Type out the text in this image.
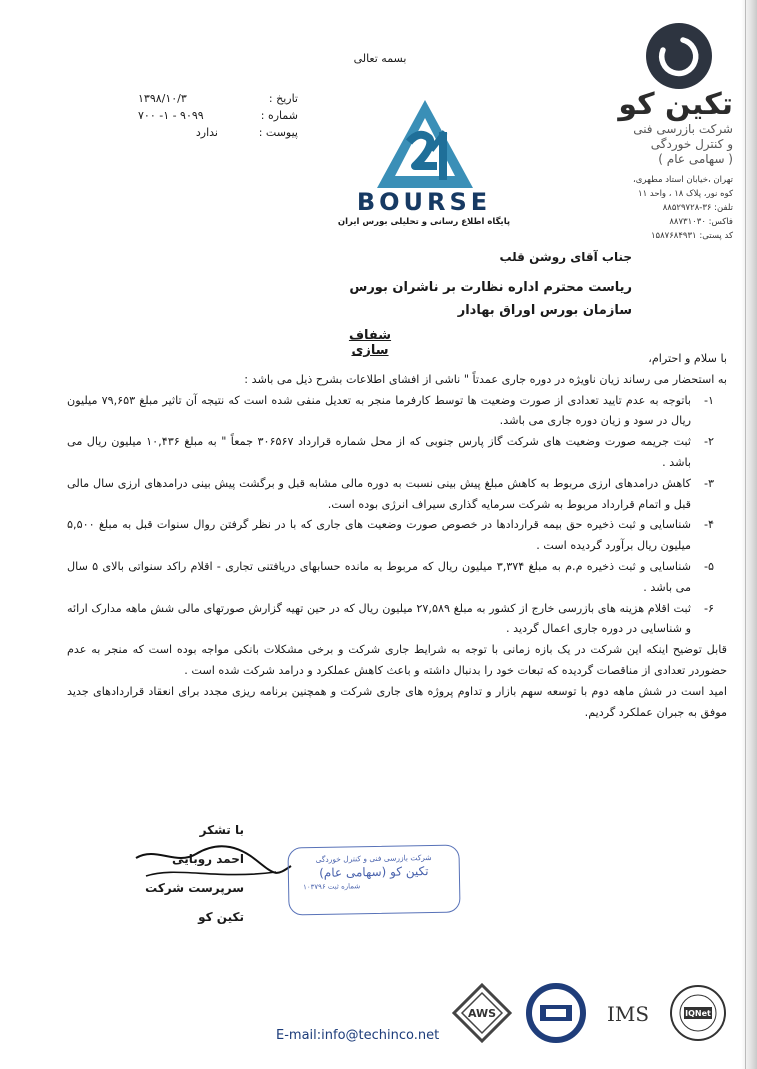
بسمه تعالی
تاریخ :
۱۳۹۸/۱۰/۳
شماره :
۷۰۰ -۱ - ۹۰۹۹
پیوست :
ندارد
تکین کو
شرکت بازرسی فنی
و کنترل خوردگی
( سهامی عام )
تهران ،خیابان استاد مطهری،
کوه نور، پلاک ۱۸ ، واحد ۱۱
تلفن: ۳۶-۸۸۵۲۹۷۲۸
فاکس: ۸۸۷۳۱۰۳۰
کد پستی: ۱۵۸۷۶۸۴۹۳۱
BOURSE
پایگاه اطلاع رسانی و تحلیلی بورس ایران
جناب آقای روشن قلب
ریاست محترم اداره نظارت بر ناشران بورس
سازمان بورس اوراق بهادار
شفاف سازی

با سلام و احترام،

به استحضار می رساند زیان ناویژه در دوره جاری عمدتاً " ناشی از افشای اطلاعات بشرح ذیل می باشد :

۱-
باتوجه به عدم تایید تعدادی از صورت وضعیت ها توسط کارفرما منجر به تعدیل منفی شده است که نتیجه آن تاثیر مبلغ ۷۹,۶۵۳ میلیون ریال در سود و زیان دوره جاری می باشد.
۲-
ثبت جریمه صورت وضعیت های شرکت گاز پارس جنوبی که از محل شماره قرارداد ۳۰۶۵۶۷ جمعاً " به مبلغ ۱۰,۴۳۶ میلیون ریال می باشد .
۳-
کاهش درامدهای ارزی مربوط به کاهش مبلغ پیش بینی نسبت به دوره مالی مشابه قبل و برگشت پیش بینی درامدهای ارزی سال مالی قبل و اتمام قرارداد مربوط به شرکت سرمایه گذاری سیراف انرژی بوده است.
۴-
شناسایی و ثبت ذخیره حق بیمه قراردادها در خصوص صورت وضعیت های جاری که با در نظر گرفتن روال سنوات قبل به مبلغ ۵,۵۰۰ میلیون ریال برآورد گردیده است .
۵-
شناسایی و ثبت ذخیره م.م به مبلغ ۳,۳۷۴ میلیون ریال که مربوط به مانده حسابهای دریافتنی تجاری - اقلام راکد سنواتی بالای ۵ سال می باشد .
۶-
ثبت اقلام هزینه های بازرسی خارج از کشور به مبلغ ۲۷,۵۸۹ میلیون ریال که در حین تهیه گزارش صورتهای مالی شش ماهه مدارک ارائه و شناسایی در دوره جاری اعمال گردید .

قابل توضیح اینکه این شرکت در یک بازه زمانی با توجه به شرایط جاری شرکت و برخی مشکلات بانکی مواجه بوده است که منجر به عدم حضوردر تعدادی از مناقصات گردیده که تبعات خود را بدنبال داشته و باعث کاهش عملکرد و درامد شرکت شده است .

امید است در شش ماهه دوم با توسعه سهم بازار و تداوم پروژه های جاری شرکت و همچنین برنامه ریزی مجدد برای انعقاد قراردادهای جدید موفق به جبران عملکرد گردیم.

با تشکر
احمد روبایی
سرپرست شرکت تکین کو
شرکت بازرسی فنی و کنترل خوردگی
تکین کو (سهامی عام)
شماره ثبت ۱۰۳۷۹۶
AWS	IMS	IQNet
E-mail:info@techinco.net
